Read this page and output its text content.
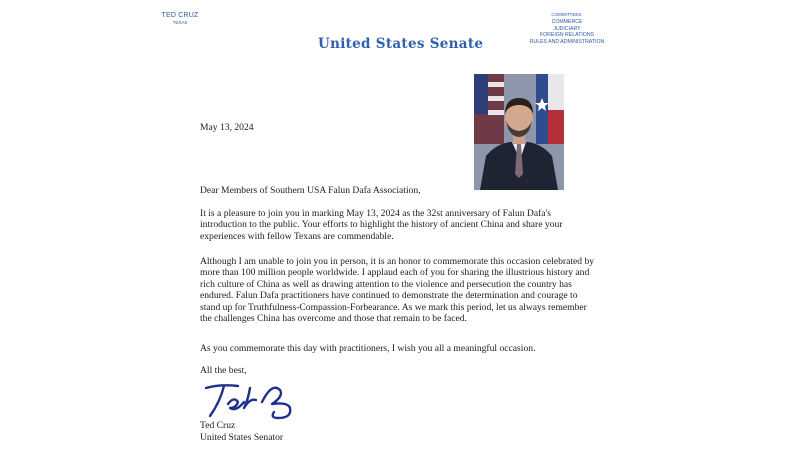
TED CRUZ
TEXAS
United States Senate
COMMITTEES:
COMMERCE
JUDICIARY
FOREIGN RELATIONS
RULES AND ADMINISTRATION

May 13, 2024

Dear Members of Southern USA Falun Dafa Association,

It is a pleasure to join you in marking May 13, 2024 as the 32st anniversary of Falun Dafa's introduction to the public. Your efforts to highlight the history of ancient China and share your experiences with fellow Texans are commendable.

Although I am unable to join you in person, it is an honor to commemorate this occasion celebrated by more than 100 million people worldwide. I applaud each of you for sharing the illustrious history and rich culture of China as well as drawing attention to the violence and persecution the country has endured. Falun Dafa practitioners have continued to demonstrate the determination and courage to stand up for Truthfulness-Compassion-Forbearance. As we mark this period, let us always remember the challenges China has overcome and those that remain to be faced.

As you commemorate this day with practitioners, I wish you all a meaningful occasion.

All the best,

Ted Cruz
United States Senator
